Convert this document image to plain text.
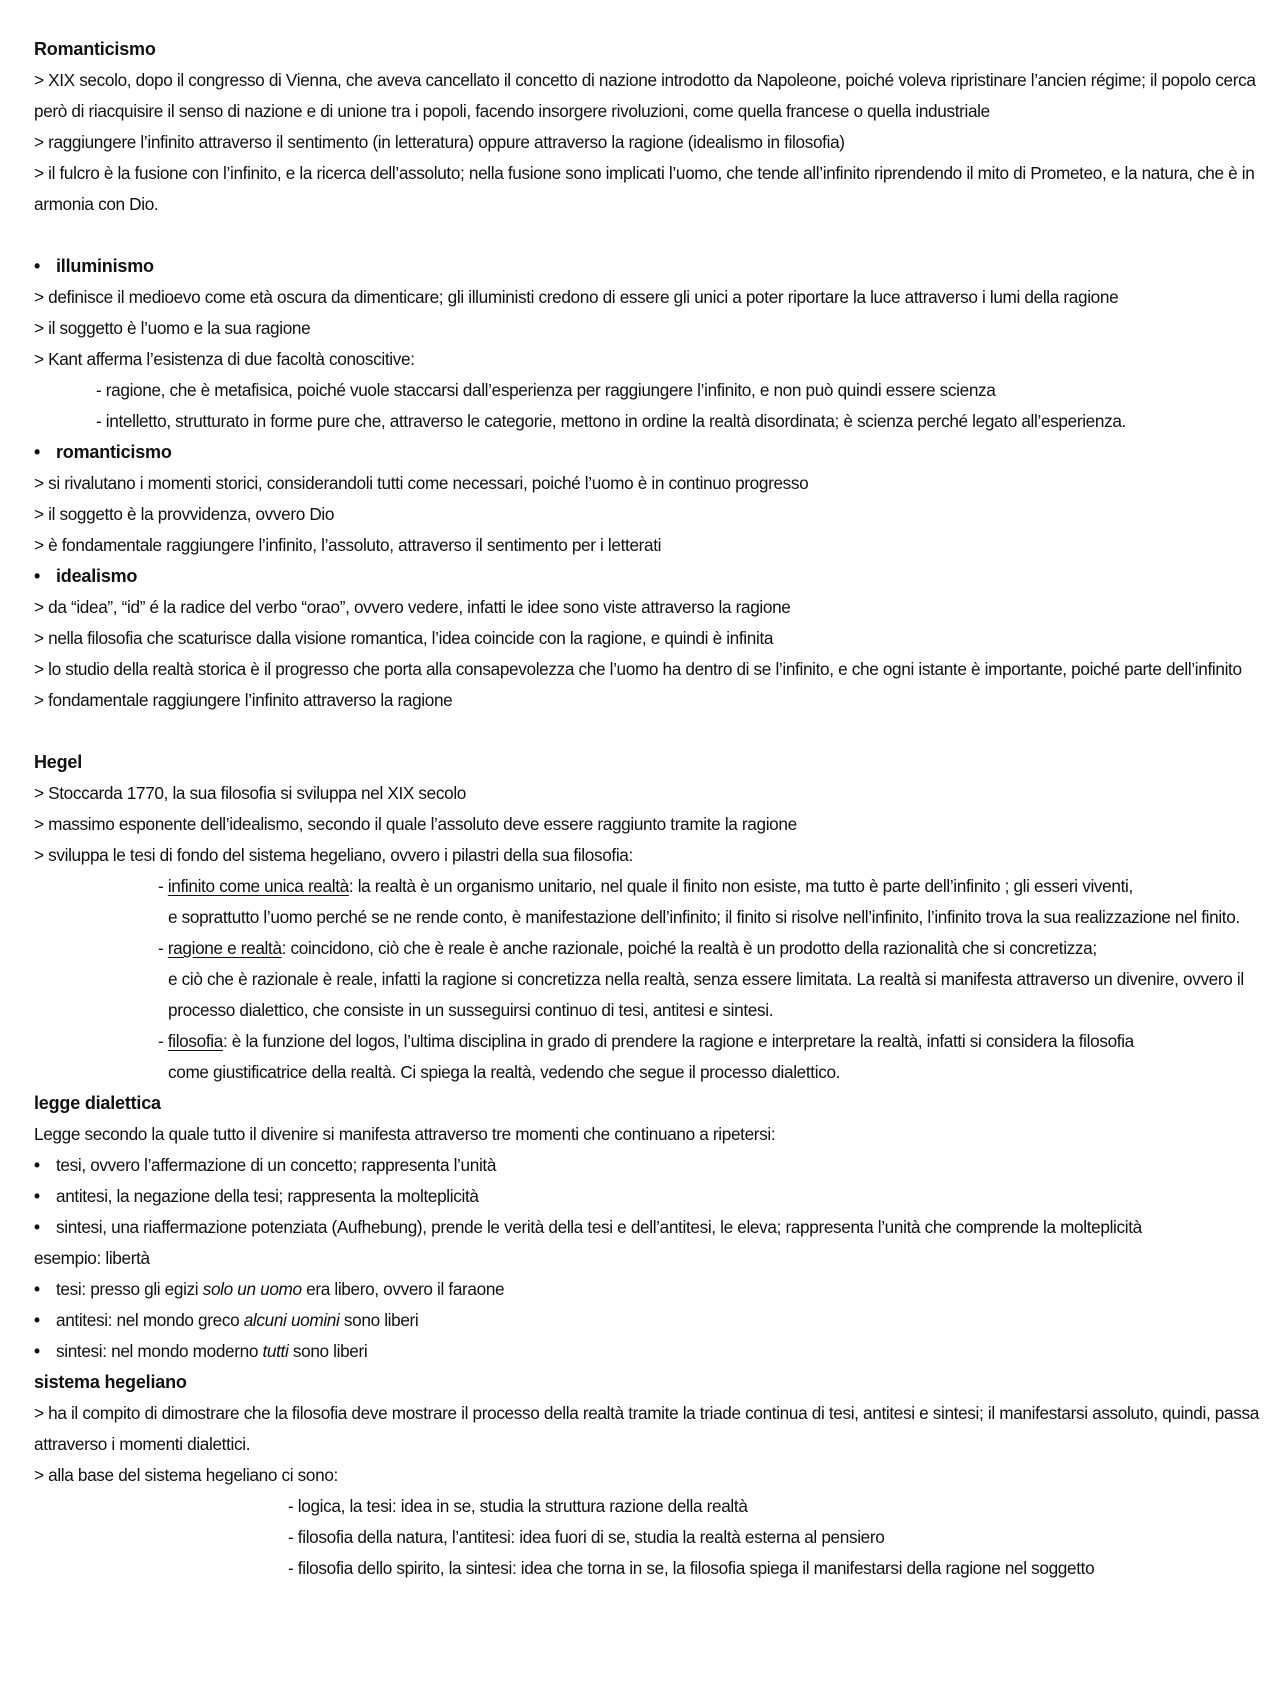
Romanticismo
> XIX secolo, dopo il congresso di Vienna, che aveva cancellato il concetto di nazione introdotto da Napoleone, poiché voleva ripristinare l’ancien régime; il popolo cerca però di riacquisire il senso di nazione e di unione tra i popoli, facendo insorgere rivoluzioni, come quella francese o quella industriale
> raggiungere l’infinito attraverso il sentimento (in letteratura) oppure attraverso la ragione (idealismo in filosofia)
> il fulcro è la fusione con l’infinito, e la ricerca dell’assoluto; nella fusione sono implicati l’uomo, che tende all’infinito riprendendo il mito di Prometeo, e la natura, che è in armonia con Dio.
• illuminismo
> definisce il medioevo come età oscura da dimenticare; gli illuministi credono di essere gli unici a poter riportare la luce attraverso i lumi della ragione
> il soggetto è l’uomo e la sua ragione
> Kant afferma l’esistenza di due facoltà conoscitive:
- ragione, che è metafisica, poiché vuole staccarsi dall’esperienza per raggiungere l’infinito, e non può quindi essere scienza
- intelletto, strutturato in forme pure che, attraverso le categorie, mettono in ordine la realtà disordinata; è scienza perché legato all’esperienza.
• romanticismo
> si rivalutano i momenti storici, considerandoli tutti come necessari, poiché l’uomo è in continuo progresso
> il soggetto è la provvidenza, ovvero Dio
> è fondamentale raggiungere l’infinito, l’assoluto, attraverso il sentimento per i letterati
• idealismo
> da “idea”, “id” é la radice del verbo “orao”, ovvero vedere, infatti le idee sono viste attraverso la ragione
> nella filosofia che scaturisce dalla visione romantica, l’idea coincide con la ragione, e quindi è infinita
> lo studio della realtà storica è il progresso che porta alla consapevolezza che l’uomo ha dentro di se l’infinito, e che ogni istante è importante, poiché parte dell’infinito
> fondamentale raggiungere l’infinito attraverso la ragione
Hegel
> Stoccarda 1770, la sua filosofia si sviluppa nel XIX secolo
> massimo esponente dell’idealismo, secondo il quale l’assoluto deve essere raggiunto tramite la ragione
> sviluppa le tesi di fondo del sistema hegeliano, ovvero i pilastri della sua filosofia:
- infinito come unica realtà: la realtà è un organismo unitario, nel quale il finito non esiste, ma tutto è parte dell’infinito ; gli esseri viventi,
e soprattutto l’uomo perché se ne rende conto, è manifestazione dell’infinito; il finito si risolve nell’infinito, l’infinito trova la sua realizzazione nel finito.
- ragione e realtà: coincidono, ciò che è reale è anche razionale, poiché la realtà è un prodotto della razionalità che si concretizza;
e ciò che è razionale è reale, infatti la ragione si concretizza nella realtà, senza essere limitata. La realtà si manifesta attraverso un divenire, ovvero il processo dialettico, che consiste in un susseguirsi continuo di tesi, antitesi e sintesi.
- filosofia: è la funzione del logos, l’ultima disciplina in grado di prendere la ragione e interpretare la realtà, infatti si considera la filosofia
come giustificatrice della realtà. Ci spiega la realtà, vedendo che segue il processo dialettico.
legge dialettica
Legge secondo la quale tutto il divenire si manifesta attraverso tre momenti che continuano a ripetersi:
• tesi, ovvero l’affermazione di un concetto; rappresenta l’unità
• antitesi, la negazione della tesi; rappresenta la molteplicità
• sintesi, una riaffermazione potenziata (Aufhebung), prende le verità della tesi e dell’antitesi, le eleva; rappresenta l’unità che comprende la molteplicità
esempio: libertà
• tesi: presso gli egizi solo un uomo era libero, ovvero il faraone
• antitesi: nel mondo greco alcuni uomini sono liberi
• sintesi: nel mondo moderno tutti sono liberi
sistema hegeliano
> ha il compito di dimostrare che la filosofia deve mostrare il processo della realtà tramite la triade continua di tesi, antitesi e sintesi; il manifestarsi assoluto, quindi, passa attraverso i momenti dialettici.
> alla base del sistema hegeliano ci sono:
- logica, la tesi: idea in se, studia la struttura razione della realtà
- filosofia della natura, l’antitesi: idea fuori di se, studia la realtà esterna al pensiero
- filosofia dello spirito, la sintesi: idea che torna in se, la filosofia spiega il manifestarsi della ragione nel soggetto
